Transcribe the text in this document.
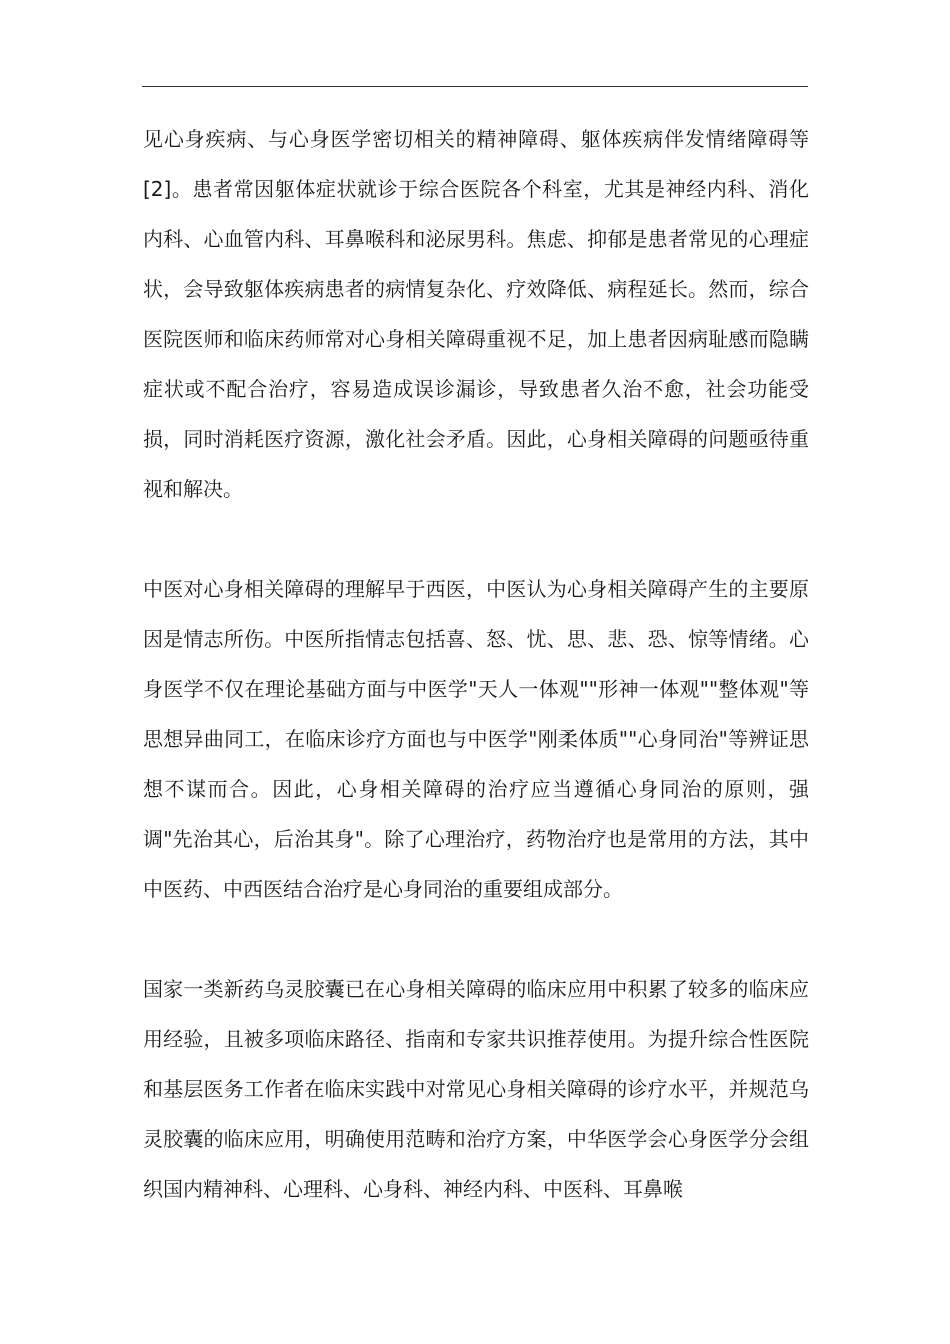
见心身疾病、与心身医学密切相关的精神障碍、躯体疾病伴发情绪障碍等[2]。患者常因躯体症状就诊于综合医院各个科室，尤其是神经内科、消化内科、心血管内科、耳鼻喉科和泌尿男科。焦虑、抑郁是患者常见的心理症状，会导致躯体疾病患者的病情复杂化、疗效降低、病程延长。然而，综合医院医师和临床药师常对心身相关障碍重视不足，加上患者因病耻感而隐瞒症状或不配合治疗，容易造成误诊漏诊，导致患者久治不愈，社会功能受损，同时消耗医疗资源，激化社会矛盾。因此，心身相关障碍的问题亟待重视和解决。

中医对心身相关障碍的理解早于西医，中医认为心身相关障碍产生的主要原因是情志所伤。中医所指情志包括喜、怒、忧、思、悲、恐、惊等情绪。心身医学不仅在理论基础方面与中医学"天人一体观""形神一体观""整体观"等思想异曲同工，在临床诊疗方面也与中医学"刚柔体质""心身同治"等辨证思想不谋而合。因此，心身相关障碍的治疗应当遵循心身同治的原则，强调"先治其心，后治其身"。除了心理治疗，药物治疗也是常用的方法，其中中医药、中西医结合治疗是心身同治的重要组成部分。

国家一类新药乌灵胶囊已在心身相关障碍的临床应用中积累了较多的临床应用经验，且被多项临床路径、指南和专家共识推荐使用。为提升综合性医院和基层医务工作者在临床实践中对常见心身相关障碍的诊疗水平，并规范乌灵胶囊的临床应用，明确使用范畴和治疗方案，中华医学会心身医学分会组织国内精神科、心理科、心身科、神经内科、中医科、耳鼻喉
